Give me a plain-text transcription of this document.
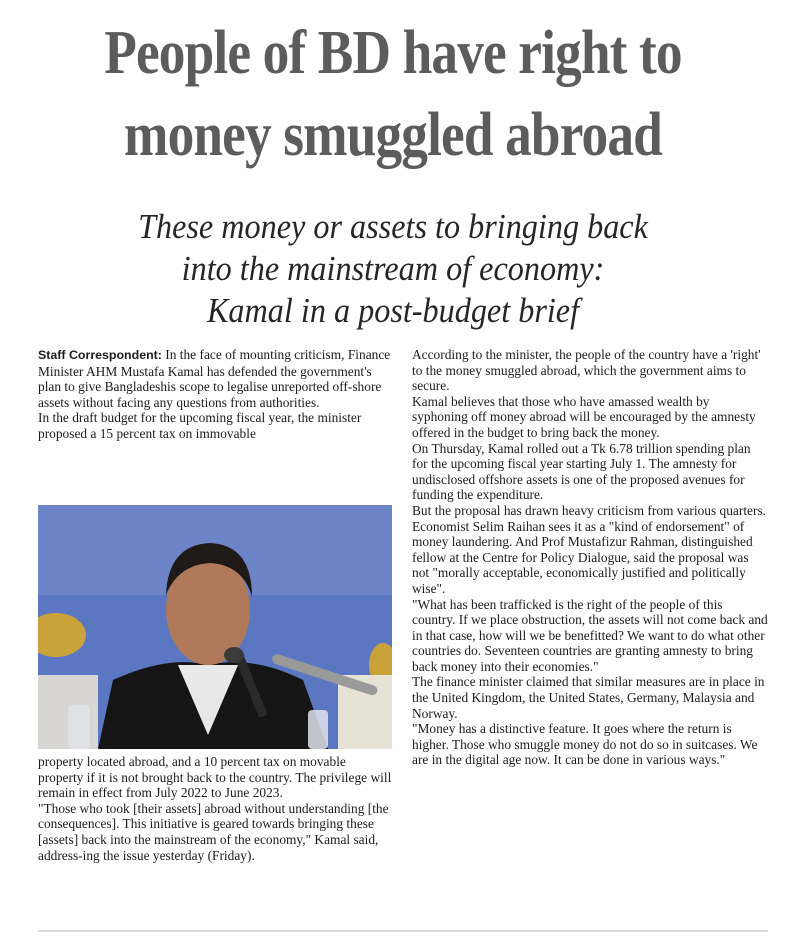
People of BD have right to
money smuggled abroad
These money or assets to bringing back
into the mainstream of economy:
Kamal in a post-budget brief

Staff Correspondent: In the face of mounting criticism, Finance Minister AHM Mustafa Kamal has defended the government's plan to give Bangladeshis scope to legalise unreported off-shore assets without facing any questions from authorities.

In the draft budget for the upcoming fiscal year, the minister proposed a 15 percent tax on immovable

property located abroad, and a 10 percent tax on movable property if it is not brought back to the country. The privilege will remain in effect from July 2022 to June 2023.

"Those who took [their assets] abroad without understanding [the consequences]. This initiative is geared towards bringing these [assets] back into the mainstream of the economy," Kamal said, address-ing the issue yesterday (Friday).

According to the minister, the people of the country have a 'right' to the money smuggled abroad, which the government aims to secure.

Kamal believes that those who have amassed wealth by syphoning off money abroad will be encouraged by the amnesty offered in the budget to bring back the money.

On Thursday, Kamal rolled out a Tk 6.78 trillion spending plan for the upcoming fiscal year starting July 1. The amnesty for undisclosed offshore assets is one of the proposed avenues for funding the expenditure.

But the proposal has drawn heavy criticism from various quarters. Economist Selim Raihan sees it as a "kind of endorsement" of money laundering. And Prof Mustafizur Rahman, distinguished fellow at the Centre for Policy Dialogue, said the proposal was not "morally acceptable, economically justified and politically wise".

"What has been trafficked is the right of the people of this country. If we place obstruction, the assets will not come back and in that case, how will we be benefitted? We want to do what other countries do. Seventeen countries are granting amnesty to bring back money into their economies."

The finance minister claimed that similar measures are in place in the United Kingdom, the United States, Germany, Malaysia and Norway.

"Money has a distinctive feature. It goes where the return is higher. Those who smuggle money do not do so in suitcases. We are in the digital age now. It can be done in various ways."
